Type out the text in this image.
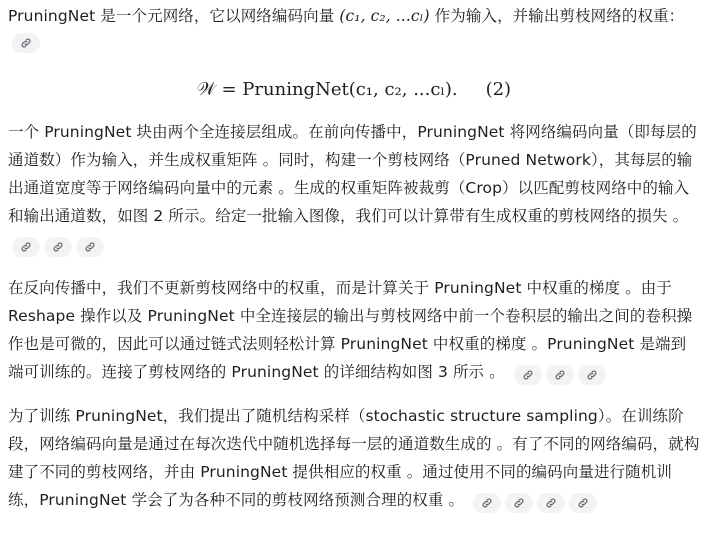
PruningNet 是一个元网络，它以网络编码向量 (c₁, c₂, ...cₗ) 作为输入，并输出剪枝网络的权重：

𝒲 = PruningNet(c₁, c₂, ...cₗ). (2)

一个 PruningNet 块由两个全连接层组成。在前向传播中，PruningNet 将网络编码向量（即每层的通道数）作为输入，并生成权重矩阵 。同时，构建一个剪枝网络（Pruned Network），其每层的输出通道宽度等于网络编码向量中的元素 。生成的权重矩阵被裁剪（Crop）以匹配剪枝网络中的输入和输出通道数，如图 2 所示。给定一批输入图像，我们可以计算带有生成权重的剪枝网络的损失 。

在反向传播中，我们不更新剪枝网络中的权重，而是计算关于 PruningNet 中权重的梯度 。由于 Reshape 操作以及 PruningNet 中全连接层的输出与剪枝网络中前一个卷积层的输出之间的卷积操作也是可微的，因此可以通过链式法则轻松计算 PruningNet 中权重的梯度 。PruningNet 是端到端可训练的。连接了剪枝网络的 PruningNet 的详细结构如图 3 所示 。

为了训练 PruningNet，我们提出了随机结构采样（stochastic structure sampling）。在训练阶段，网络编码向量是通过在每次迭代中随机选择每一层的通道数生成的 。有了不同的网络编码，就构建了不同的剪枝网络，并由 PruningNet 提供相应的权重 。通过使用不同的编码向量进行随机训练，PruningNet 学会了为各种不同的剪枝网络预测合理的权重 。
